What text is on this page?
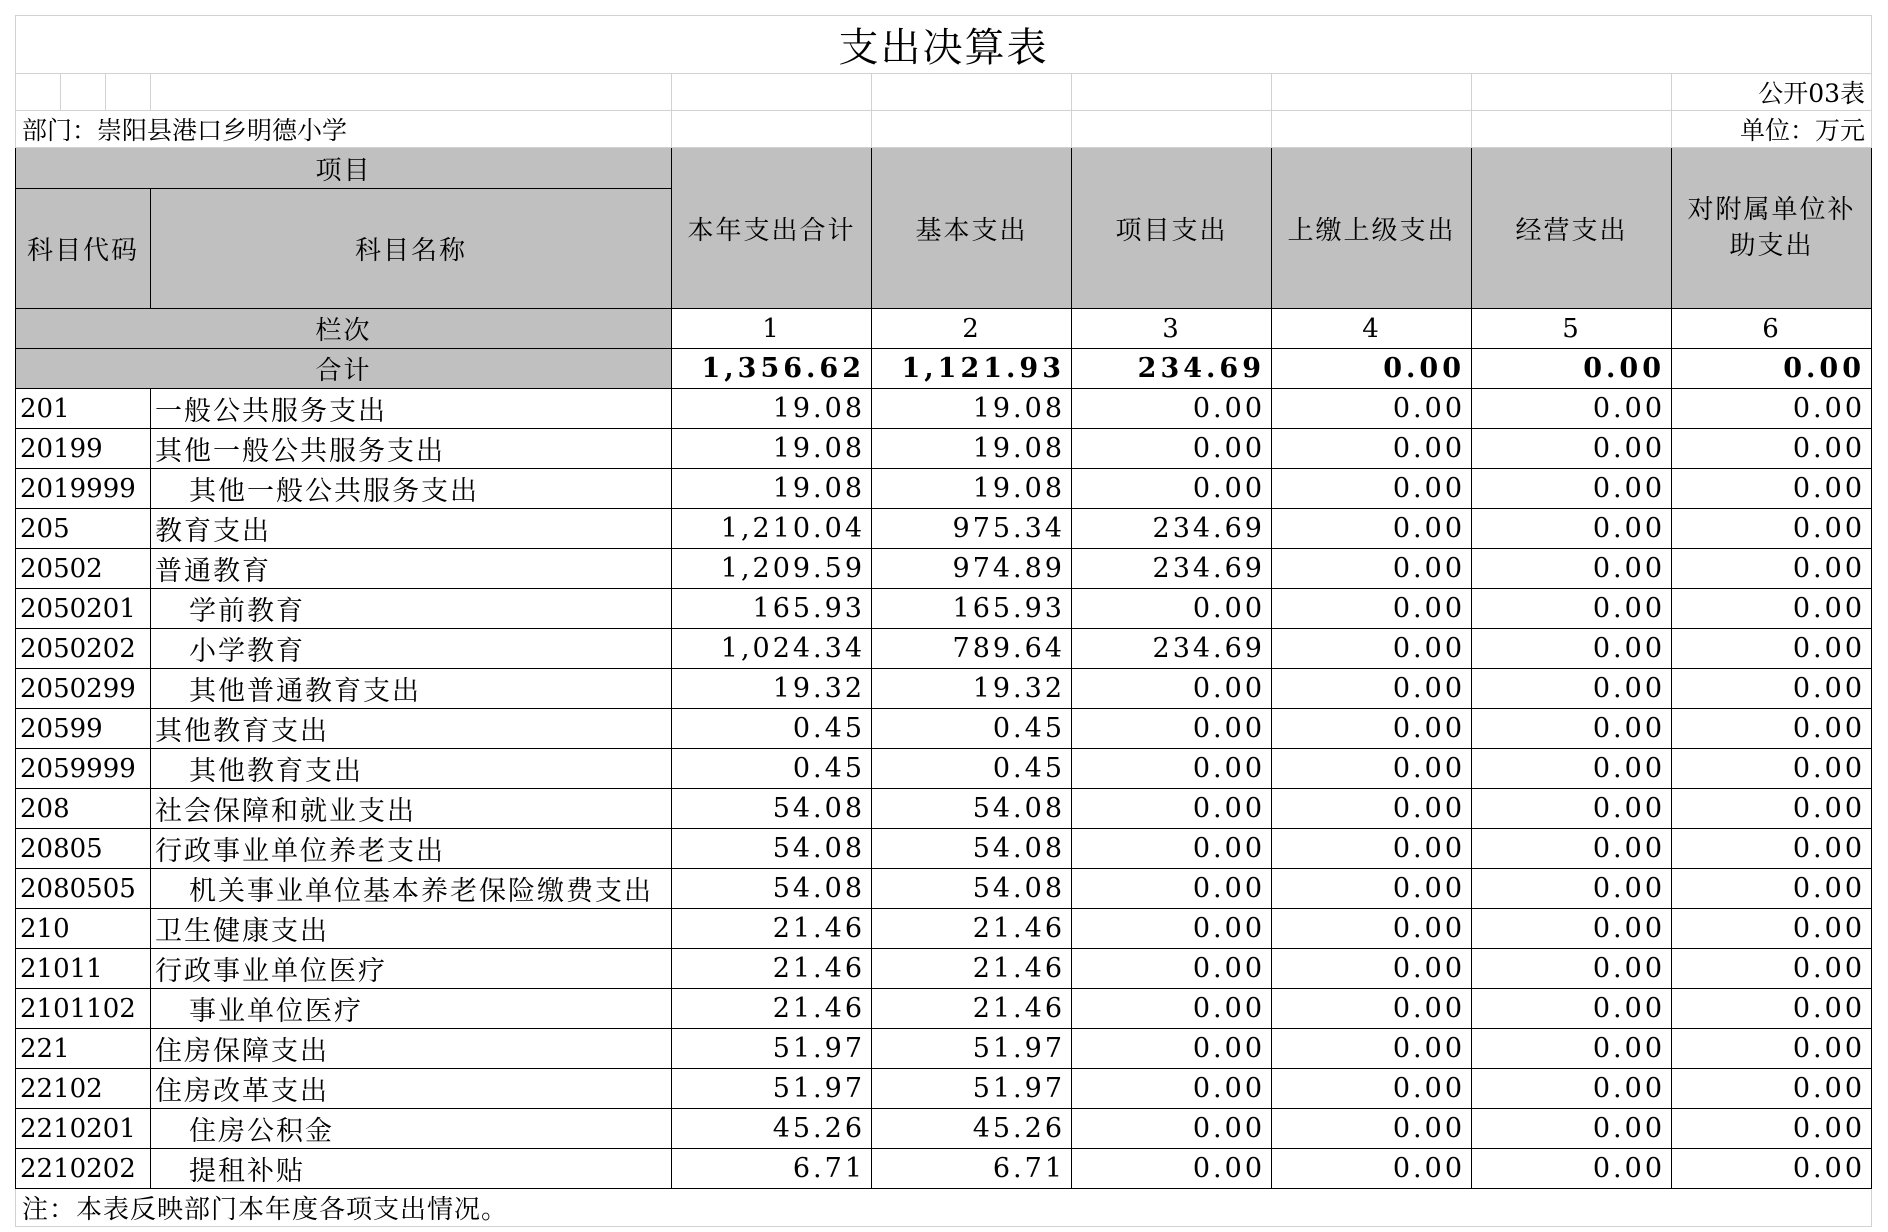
支出决算表									
									公开03表
部门：崇阳县港口乡明德小学									单位：万元
项目				本年支出合计	基本支出	项目支出	上缴上级支出	经营支出	对附属单位补助支出
科目代码			科目名称						
栏次				1	2	3	4	5	6
合计				1,356.62	1,121.93	234.69	0.00	0.00	0.00
201			一般公共服务支出	19.08	19.08	0.00	0.00	0.00	0.00
20199			其他一般公共服务支出	19.08	19.08	0.00	0.00	0.00	0.00
2019999			其他一般公共服务支出	19.08	19.08	0.00	0.00	0.00	0.00
205			教育支出	1,210.04	975.34	234.69	0.00	0.00	0.00
20502			普通教育	1,209.59	974.89	234.69	0.00	0.00	0.00
2050201			学前教育	165.93	165.93	0.00	0.00	0.00	0.00
2050202			小学教育	1,024.34	789.64	234.69	0.00	0.00	0.00
2050299			其他普通教育支出	19.32	19.32	0.00	0.00	0.00	0.00
20599			其他教育支出	0.45	0.45	0.00	0.00	0.00	0.00
2059999			其他教育支出	0.45	0.45	0.00	0.00	0.00	0.00
208			社会保障和就业支出	54.08	54.08	0.00	0.00	0.00	0.00
20805			行政事业单位养老支出	54.08	54.08	0.00	0.00	0.00	0.00
2080505			机关事业单位基本养老保险缴费支出	54.08	54.08	0.00	0.00	0.00	0.00
210			卫生健康支出	21.46	21.46	0.00	0.00	0.00	0.00
21011			行政事业单位医疗	21.46	21.46	0.00	0.00	0.00	0.00
2101102			事业单位医疗	21.46	21.46	0.00	0.00	0.00	0.00
221			住房保障支出	51.97	51.97	0.00	0.00	0.00	0.00
22102			住房改革支出	51.97	51.97	0.00	0.00	0.00	0.00
2210201			住房公积金	45.26	45.26	0.00	0.00	0.00	0.00
2210202			提租补贴	6.71	6.71	0.00	0.00	0.00	0.00
注：本表反映部门本年度各项支出情况。									
